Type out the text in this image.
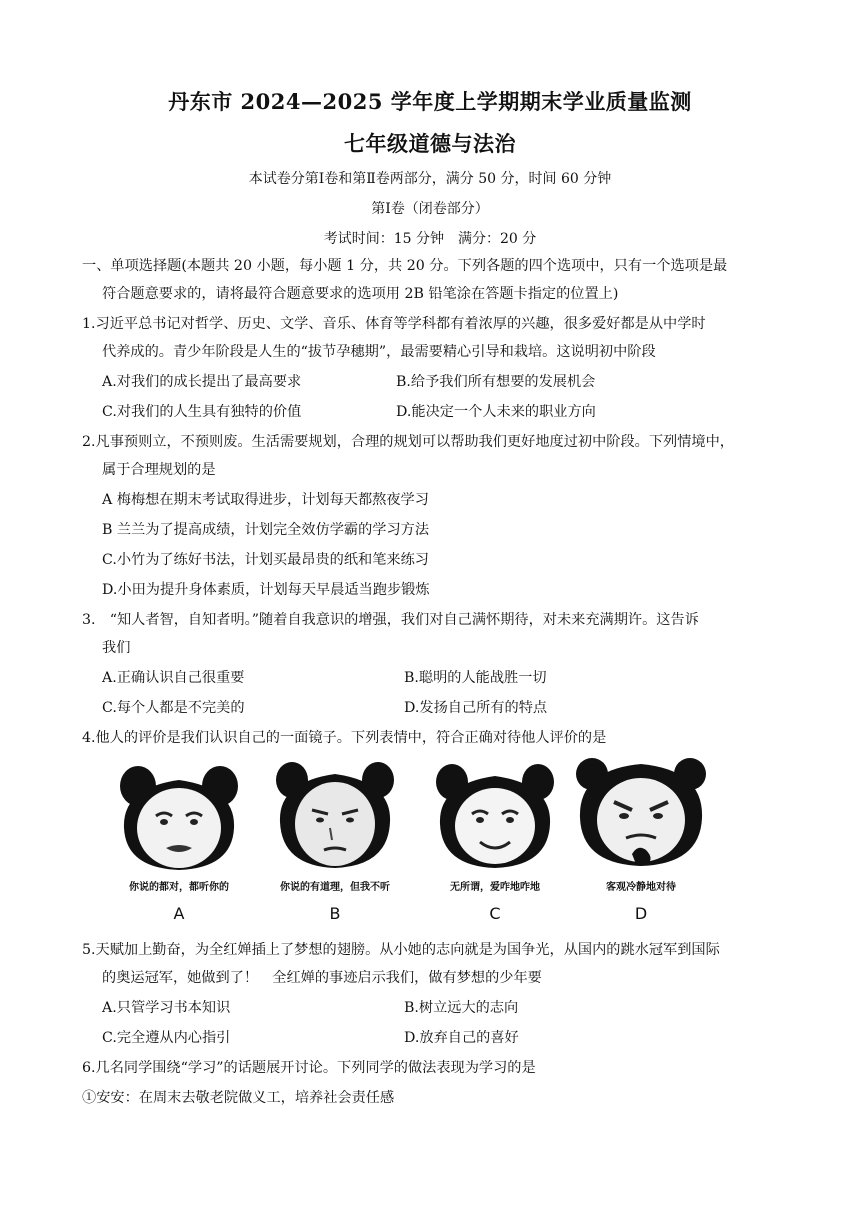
丹东市 2024—2025 学年度上学期期末学业质量监测
七年级道德与法治
本试卷分第Ⅰ卷和第Ⅱ卷两部分，满分 50 分，时间 60 分钟
第Ⅰ卷（闭卷部分）
考试时间：15 分钟　满分：20 分
一、单项选择题(本题共 20 小题，每小题 1 分，共 20 分。下列各题的四个选项中，只有一个选项是最
符合题意要求的，请将最符合题意要求的选项用 2B 铅笔涂在答题卡指定的位置上)
1.习近平总书记对哲学、历史、文学、音乐、体育等学科都有着浓厚的兴趣，很多爱好都是从中学时
代养成的。青少年阶段是人生的“拔节孕穗期”，最需要精心引导和栽培。这说明初中阶段
A.对我们的成长提出了最高要求	B.给予我们所有想要的发展机会
C.对我们的人生具有独特的价值	D.能决定一个人未来的职业方向
2.凡事预则立，不预则废。生活需要规划，合理的规划可以帮助我们更好地度过初中阶段。下列情境中，
属于合理规划的是
A 梅梅想在期末考试取得进步，计划每天都熬夜学习
B 兰兰为了提高成绩，计划完全效仿学霸的学习方法
C.小竹为了练好书法，计划买最昂贵的纸和笔来练习
D.小田为提升身体素质，计划每天早晨适当跑步锻炼
3.　“知人者智，自知者明。”随着自我意识的增强，我们对自己满怀期待，对未来充满期许。这告诉
我们
A.正确认识自己很重要	B.聪明的人能战胜一切
C.每个人都是不完美的	D.发扬自己所有的特点
4.他人的评价是我们认识自己的一面镜子。下列表情中，符合正确对待他人评价的是
你说的都对，都听你的
A
你说的有道理，但我不听
B
无所谓，爱咋地咋地
C
客观冷静地对待
D
5.天赋加上勤奋，为全红婵插上了梦想的翅膀。从小她的志向就是为国争光，从国内的跳水冠军到国际
的奥运冠军，她做到了！　全红婵的事迹启示我们，做有梦想的少年要
A.只管学习书本知识	B.树立远大的志向
C.完全遵从内心指引	D.放弃自己的喜好
6.几名同学围绕“学习”的话题展开讨论。下列同学的做法表现为学习的是
①安安：在周末去敬老院做义工，培养社会责任感
